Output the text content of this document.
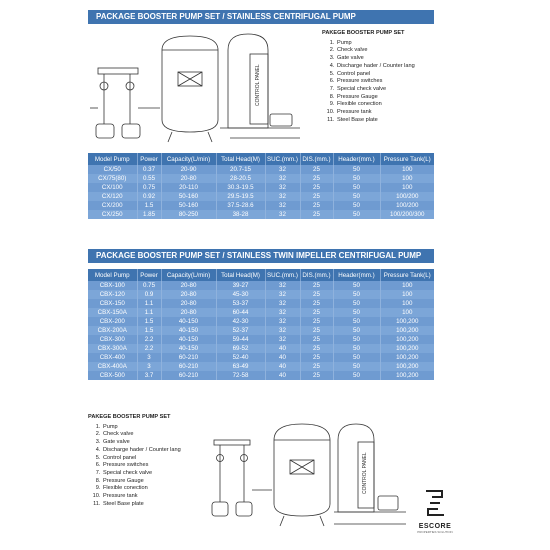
PACKAGE BOOSTER PUMP SET / STAINLESS CENTRIFUGAL PUMP
CONTROL PANEL
PAKEGE BOOSTER PUMP SET
1. Pump
2. Check valve
3. Gate valve
4. Discharge hader / Counter lang
5. Control panel
6. Pressure switches
7. Special check valve
8. Pressure Gauge
9. Flexible conection
10. Pressure tank
11. Steel Base plate
Model Pump	Power	Capacity(L/min)	Total Head(M)	SUC.(mm.)	DIS.(mm.)	Header(mm.)	Pressure Tank(L)
CX/50	0.37	20-90	20.7-15	32	25	50	100
CX/75(80)	0.55	20-80	28-20.5	32	25	50	100
CX/100	0.75	20-110	30.3-19.5	32	25	50	100
CX/120	0.92	50-160	29.5-19.5	32	25	50	100/200
CX/200	1.5	50-160	37.5-28.6	32	25	50	100/200
CX/250	1.85	80-250	38-28	32	25	50	100/200/300
PACKAGE BOOSTER PUMP SET / STAINLESS TWIN IMPELLER CENTRIFUGAL PUMP
Model Pump	Power	Capacity(L/min)	Total Head(M)	SUC.(mm.)	DIS.(mm.)	Header(mm.)	Pressure Tank(L)
CBX-100	0.75	20-80	39-27	32	25	50	100
CBX-120	0.9	20-80	45-30	32	25	50	100
CBX-150	1.1	20-80	53-37	32	25	50	100
CBX-150A	1.1	20-80	60-44	32	25	50	100
CBX-200	1.5	40-150	42-30	32	25	50	100,200
CBX-200A	1.5	40-150	52-37	32	25	50	100,200
CBX-300	2.2	40-150	59-44	32	25	50	100,200
CBX-300A	2.2	40-150	69-52	40	25	50	100,200
CBX-400	3	60-210	52-40	40	25	50	100,200
CBX-400A	3	60-210	63-49	40	25	50	100,200
CBX-500	3.7	60-210	72-58	40	25	50	100,200
PAKEGE BOOSTER PUMP SET
1. Pump
2. Check valve
3. Gate valve
4. Discharge hader / Counter lang
5. Control panel
6. Pressure switches
7. Special check valve
8. Pressure Gauge
9. Flexible conection
10. Pressure tank
11. Steel Base plate
CONTROL PANEL
ESCORE
PROPERTIES SOLUTION
